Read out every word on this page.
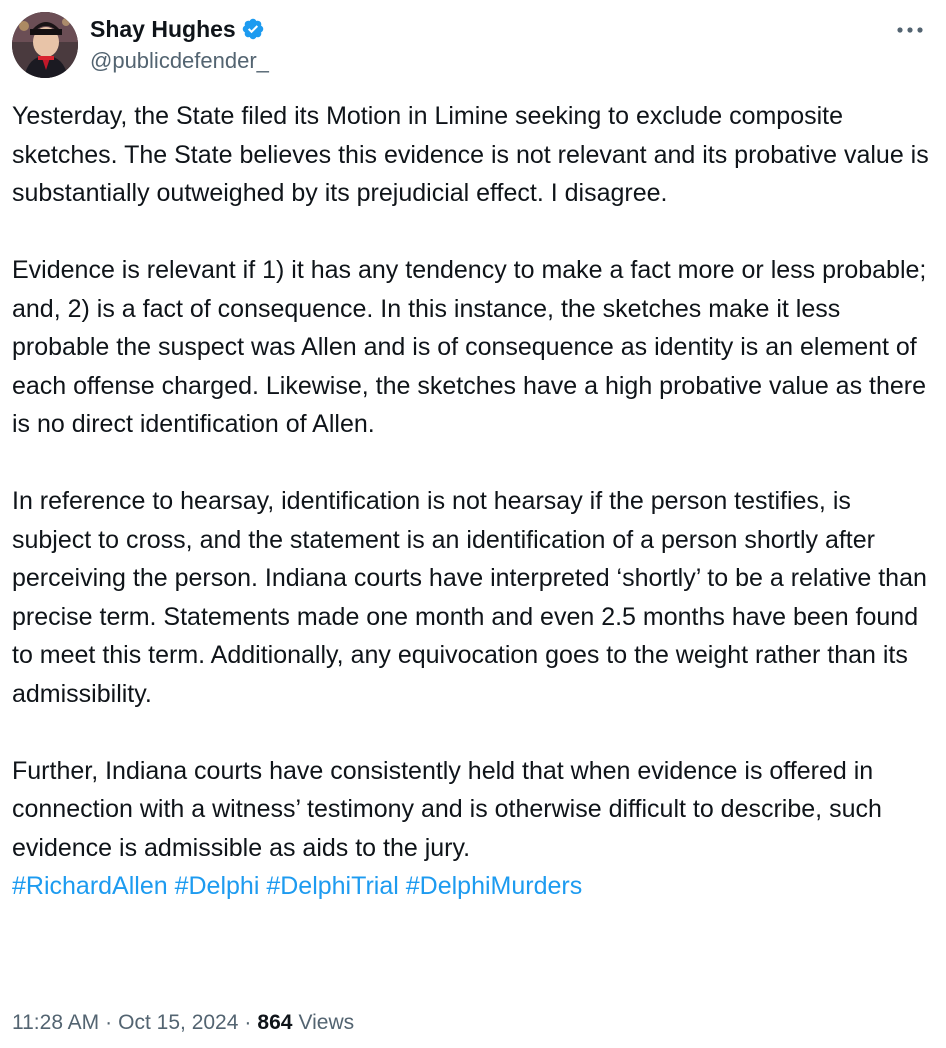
Shay Hughes
@publicdefender_

Yesterday, the State filed its Motion in Limine seeking to exclude composite sketches. The State believes this evidence is not relevant and its probative value is substantially outweighed by its prejudicial effect. I disagree.

Evidence is relevant if 1) it has any tendency to make a fact more or less probable; and, 2) is a fact of consequence. In this instance, the sketches make it less probable the suspect was Allen and is of consequence as identity is an element of each offense charged. Likewise, the sketches have a high probative value as there is no direct identification of Allen.

In reference to hearsay, identification is not hearsay if the person testifies, is subject to cross, and the statement is an identification of a person shortly after perceiving the person. Indiana courts have interpreted ‘shortly’ to be a relative than precise term. Statements made one month and even 2.5 months have been found to meet this term. Additionally, any equivocation goes to the weight rather than its admissibility.

Further, Indiana courts have consistently held that when evidence is offered in connection with a witness’ testimony and is otherwise difficult to describe, such evidence is admissible as aids to the jury.

#RichardAllen #Delphi #DelphiTrial #DelphiMurders

11:28 AM · Oct 15, 2024 · 864 Views
